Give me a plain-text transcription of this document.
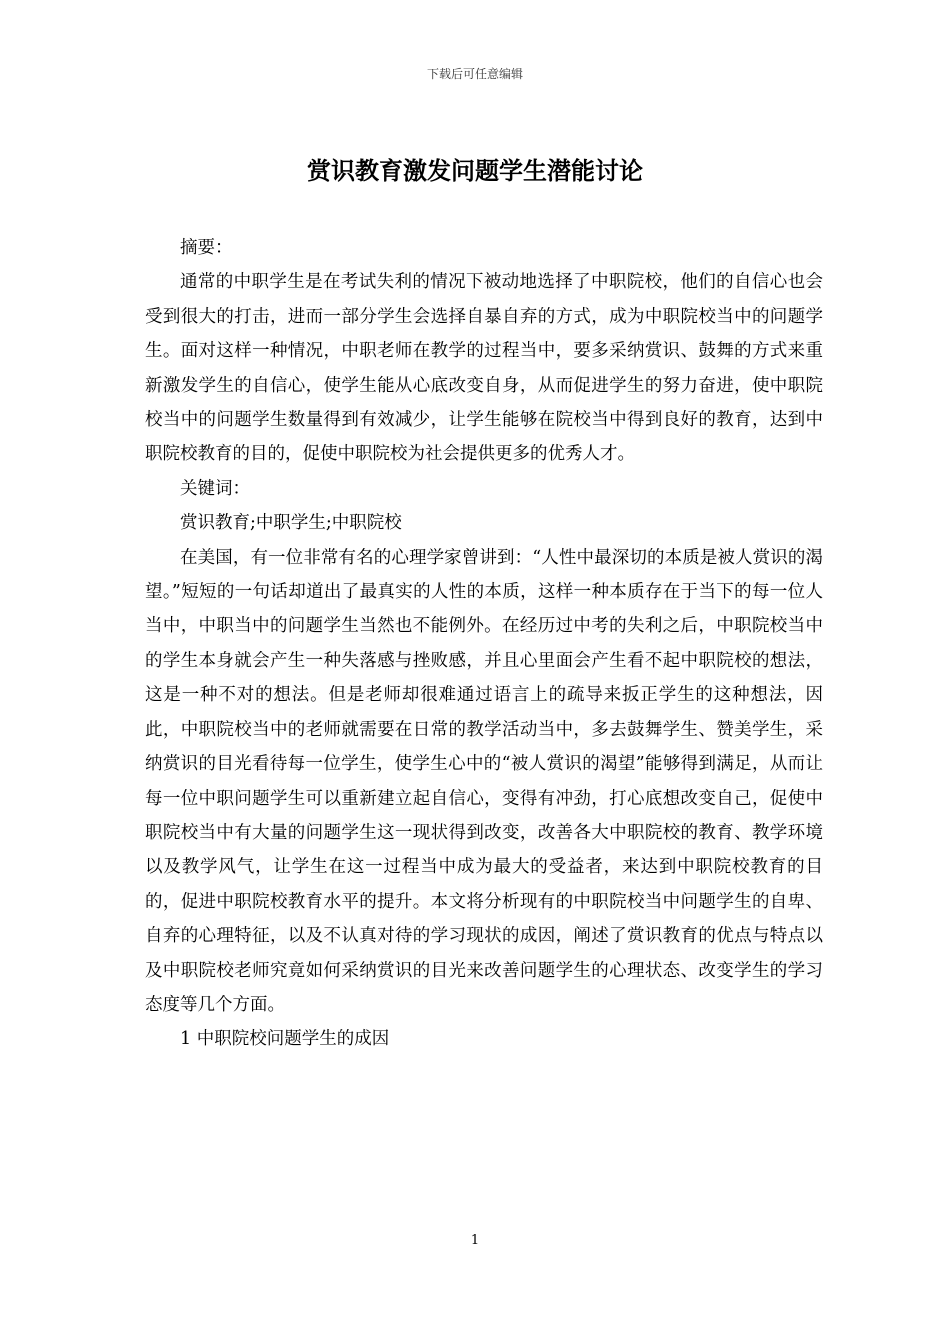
下载后可任意编辑
赏识教育激发问题学生潜能讨论

摘要：

通常的中职学生是在考试失利的情况下被动地选择了中职院校，他们的自信心也会受到很大的打击，进而一部分学生会选择自暴自弃的方式，成为中职院校当中的问题学生。面对这样一种情况，中职老师在教学的过程当中，要多采纳赏识、鼓舞的方式来重新激发学生的自信心，使学生能从心底改变自身，从而促进学生的努力奋进，使中职院校当中的问题学生数量得到有效减少，让学生能够在院校当中得到良好的教育，达到中职院校教育的目的，促使中职院校为社会提供更多的优秀人才。

关键词：

赏识教育;中职学生;中职院校

在美国，有一位非常有名的心理学家曾讲到：“人性中最深切的本质是被人赏识的渴望。”短短的一句话却道出了最真实的人性的本质，这样一种本质存在于当下的每一位人当中，中职当中的问题学生当然也不能例外。在经历过中考的失利之后，中职院校当中的学生本身就会产生一种失落感与挫败感，并且心里面会产生看不起中职院校的想法，这是一种不对的想法。但是老师却很难通过语言上的疏导来扳正学生的这种想法，因此，中职院校当中的老师就需要在日常的教学活动当中，多去鼓舞学生、赞美学生，采纳赏识的目光看待每一位学生，使学生心中的“被人赏识的渴望”能够得到满足，从而让每一位中职问题学生可以重新建立起自信心，变得有冲劲，打心底想改变自己，促使中职院校当中有大量的问题学生这一现状得到改变，改善各大中职院校的教育、教学环境以及教学风气，让学生在这一过程当中成为最大的受益者，来达到中职院校教育的目的，促进中职院校教育水平的提升。本文将分析现有的中职院校当中问题学生的自卑、自弃的心理特征，以及不认真对待的学习现状的成因，阐述了赏识教育的优点与特点以及中职院校老师究竟如何采纳赏识的目光来改善问题学生的心理状态、改变学生的学习态度等几个方面。

1 中职院校问题学生的成因

1
